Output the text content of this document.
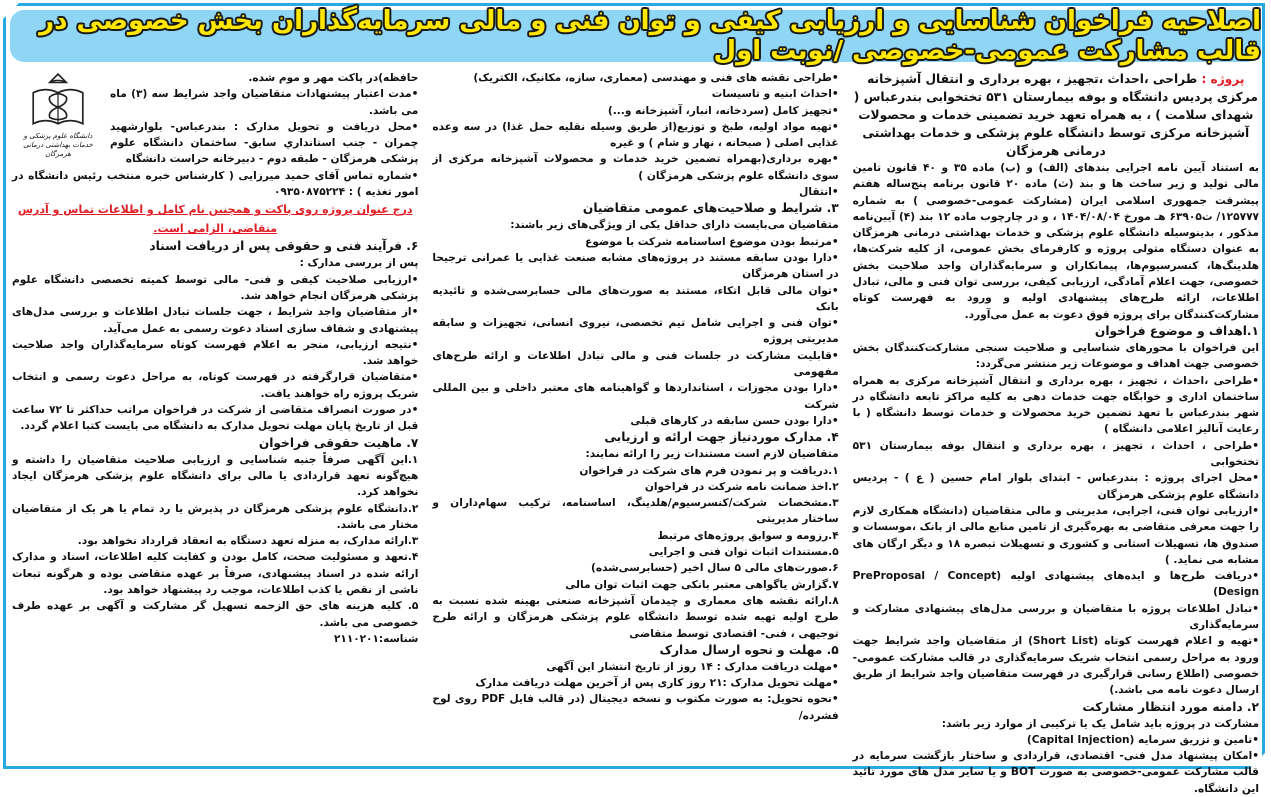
اصلاحیه فراخوان شناسایی و ارزیابی کیفی و توان فنی و مالی سرمایه‌گذاران بخش خصوصی در قالب مشارکت عمومی-خصوصی /نوبت اول

پروژه : طراحی ،احداث ،تجهیز ، بهره برداری و انتقال آشپزخانه مرکزی پردیس دانشگاه و بوفه بیمارستان ۵۳۱ تختخوابی بندرعباس ( شهدای سلامت ) ، به همراه تعهد خرید تضمینی خدمات و محصولات آشپزخانه مرکزی توسط دانشگاه علوم پزشکی و خدمات بهداشتی درمانی هرمزگان

به استناد آیین نامه اجرایی بندهای (الف) و (ب) ماده ۳۵ و ۴۰ قانون تامین مالی تولید و زیر ساخت ها و بند (ث) ماده ۲۰ قانون برنامه پنج‌ساله هفتم پیشرفت جمهوری اسلامی ایران (مشارکت عمومی-خصوصی ) به شماره ۱۲۵۷۷۷/ ت۶۳۹۰۵ هـ مورخ ۱۴۰۴/۰۸/۰۴ ، و در چارچوب ماده ۱۲ بند (۴) آیین‌نامه مذکور ، بدینوسیله دانشگاه علوم پزشکی و خدمات بهداشتی درمانی هرمزگان به عنوان دستگاه متولی پروژه و کارفرمای بخش عمومی، از کلیه شرکت‌ها، هلدینگ‌ها، کنسرسیوم‌ها، پیمانکاران و سرمایه‌گذاران واجد صلاحیت بخش خصوصی، جهت اعلام آمادگی، ارزیابی کیفی، بررسی توان فنی و مالی، تبادل اطلاعات، ارائه طرح‌های پیشنهادی اولیه و ورود به فهرست کوتاه مشارکت‌کنندگان برای پروژه فوق دعوت به عمل می‌آورد.

۱.اهداف و موضوع فراخوان

این فراخوان با محورهای شناسایی و صلاحیت سنجی مشارکت‌کنندگان بخش خصوصی جهت اهداف و موضوعات زیر منتشر می‌گردد:

• طراحی ،احداث ، تجهیز ، بهره برداری و انتقال آشپزخانه مرکزی به همراه ساختمان اداری و خوابگاه جهت خدمات دهی به کلیه مراکز تابعه دانشگاه در شهر بندرعباس با تعهد تضمین خرید محصولات و خدمات توسط دانشگاه ( با رعایت آنالیز اعلامی دانشگاه )

• طراحی ، احداث ، تجهیز ، بهره برداری و انتقال بوفه بیمارستان ۵۳۱ تختخوابی

• محل اجرای پروژه : بندرعباس - ابتدای بلوار امام حسین ( ع ) - پردیس دانشگاه علوم پزشکی هرمزگان

• ارزیابی توان فنی، اجرایی، مدیریتی و مالی متقاضیان (دانشگاه همکاری لازم را جهت معرفی متقاضی به بهره‌گیری از تامین منابع مالی از بانک ،موسسات و صندوق ها، تسهیلات استانی و کشوری و تسهیلات تبصره ۱۸ و دیگر ارگان های مشابه می نماید. )

• دریافت طرح‌ها و ایده‌های پیشنهادی اولیه (PreProposal / Concept Design)

• تبادل اطلاعات پروژه با متقاضیان و بررسی مدل‌های پیشنهادی مشارکت و سرمایه‌گذاری

• تهیه و اعلام فهرست کوتاه (Short List) از متقاضیان واجد شرایط جهت ورود به مراحل رسمی انتخاب شریک سرمایه‌گذاری در قالب مشارکت عمومی- خصوصی (اطلاع رسانی قرارگیری در فهرست متقاضیان واجد شرایط از طریق ارسال دعوت نامه می باشد.)

۲. دامنه مورد انتظار مشارکت

مشارکت در پروژه باید شامل یک یا ترکیبی از موارد زیر باشد:

• تامین و تزریق سرمایه (Capital Injection)

• امکان پیشنهاد مدل فنی- اقتصادی، قراردادی و ساختار بازگشت سرمایه در قالب مشارکت عمومی-خصوصی به صورت BOT و یا سایر مدل های مورد تائید این دانشگاه.

• طراحی نقشه های فنی و مهندسی (معماری، سازه، مکانیک، الکتریک)

• احداث ابنیه و تاسیسات

• تجهیز کامل (سردخانه، انبار، آشپزخانه و...)

• تهیه مواد اولیه، طبخ و توزیع(از طریق وسیله نقلیه حمل غذا) در سه وعده غذایی اصلی ( صبحانه ، نهار و شام ) و غیره

• بهره برداری(بهمراه تضمین خرید خدمات و محصولات آشپزخانه مرکزی از سوی دانشگاه علوم پزشکی هرمزگان )

• انتقال

۳. شرایط و صلاحیت‌های عمومی متقاضیان

متقاضیان می‌بایست دارای حداقل یکی از ویژگی‌های زیر باشند:

• مرتبط بودن موضوع اساسنامه شرکت با موضوع

• دارا بودن سابقه مستند در پروژه‌های مشابه صنعت غذایی یا عمرانی ترجیحا در استان هرمزگان

• توان مالی قابل اتکاء، مستند به صورت‌های مالی حسابرسی‌شده و تائیدیه بانک

• توان فنی و اجرایی شامل تیم تخصصی، نیروی انسانی، تجهیزات و سابقه مدیریتی پروژه

• قابلیت مشارکت در جلسات فنی و مالی تبادل اطلاعات و ارائه طرح‌های مفهومی

• دارا بودن مجوزات ، استانداردها و گواهینامه های معتبر داخلی و بین المللی شرکت

• دارا بودن حسن سابقه در کارهای قبلی

۴. مدارک موردنیاز جهت ارائه و ارزیابی

متقاضیان لازم است مستندات زیر را ارائه نمایند:

۱.دریافت و پر نمودن فرم های شرکت در فراخوان

۲.اخذ ضمانت نامه شرکت در فراخوان

۳.مشخصات شرکت/کنسرسیوم/هلدینگ، اساسنامه، ترکیب سهام‌داران و ساختار مدیریتی

۴.رزومه و سوابق پروژه‌های مرتبط

۵.مستندات اثبات توان فنی و اجرایی

۶.صورت‌های مالی ۵ سال اخیر (حسابرسی‌شده)

۷.گزارش یاگواهی معتبر بانکی جهت اثبات توان مالی

۸.ارائه نقشه های معماری و چیدمان آشپزخانه صنعتی بهینه شده نسبت به طرح اولیه تهیه شده توسط دانشگاه علوم پزشکی هرمزگان و ارائه طرح توجیهی ، فنی- اقتصادی توسط متقاضی

۵. مهلت و نحوه ارسال مدارک

• مهلت دریافت مدارک : ۱۴ روز از تاریخ انتشار این آگهی

• مهلت تحویل مدارک :۲۱ روز کاری پس از آخرین مهلت دریافت مدارک

• نحوه تحویل: به صورت مکتوب و نسخه دیجیتال (در قالب فایل PDF روی لوح فشرده/

دانشگاه علوم پزشکی و
خدمات بهداشتی درمانی هرمزگان

حافظه)در پاکت مهر و موم شده.

• مدت اعتبار پیشنهادات متقاضیان واجد شرایط سه (۳) ماه می باشد.

• محل دریافت و تحویل مدارک : بندرعباس- بلوارشهید چمران - جنب استانداري سابق- ساختمان دانشگاه علوم پزشکی هرمزگان - طبقه دوم - دبیرخانه حراست دانشگاه

• شماره تماس آقای حمید میرزایی ( کارشناس خبره منتخب رئیس دانشگاه در امور تغذیه ) : ۰۹۳۵۰۸۷۵۲۲۴

درج عنوان پروژه روی پاکت و همچنین نام کامل و اطلاعات تماس و آدرس متقاضی، الزامی است.

۶. فرآیند فنی و حقوقی پس از دریافت اسناد

پس از بررسی مدارک :

• ارزیابی صلاحیت کیفی و فنی- مالی توسط کمیته تخصصی دانشگاه علوم پزشکی هرمزگان انجام خواهد شد.

• از متقاضیان واجد شرایط ، جهت جلسات تبادل اطلاعات و بررسی مدل‌های پیشنهادی و شفاف سازی اسناد دعوت رسمی به عمل می‌آید.

• نتیجه ارزیابی، منجر به اعلام فهرست کوتاه سرمایه‌گذاران واجد صلاحیت خواهد شد.

• متقاضیان قرارگرفته در فهرست کوتاه، به مراحل دعوت رسمی و انتخاب شریک پروژه راه خواهند یافت.

• در صورت انصراف متقاضی از شرکت در فراخوان مراتب حداکثر تا ۷۲ ساعت قبل از تاریخ پایان مهلت تحویل مدارک به دانشگاه می بایست کتبا اعلام گردد.

۷. ماهیت حقوقی فراخوان

۱.این آگهی صرفاً جنبه شناسایی و ارزیابی صلاحیت متقاضیان را داشته و هیچ‌گونه تعهد قراردادی یا مالی برای دانشگاه علوم پزشکی هرمزگان ایجاد نخواهد کرد.

۲.دانشگاه علوم پزشکی هرمزگان در پذیرش یا رد تمام یا هر یک از متقاضیان مختار می باشد.

۳.ارائه مدارک، به منزله تعهد دستگاه به انعقاد قرارداد نخواهد بود.

۴.تعهد و مسئولیت صحت، کامل بودن و کفایت کلیه اطلاعات، اسناد و مدارک ارائه شده در اسناد پیشنهادی، صرفاً بر عهده متقاضی بوده و هرگونه تبعات ناشی از نقص یا کذب اطلاعات، موجب رد پیشنهاد خواهد بود.

۵. کلیه هزینه های حق الزحمه تسهیل گر مشارکت و آگهی بر عهده طرف خصوصی می باشد.

شناسه:۲۱۱۰۲۰۱
